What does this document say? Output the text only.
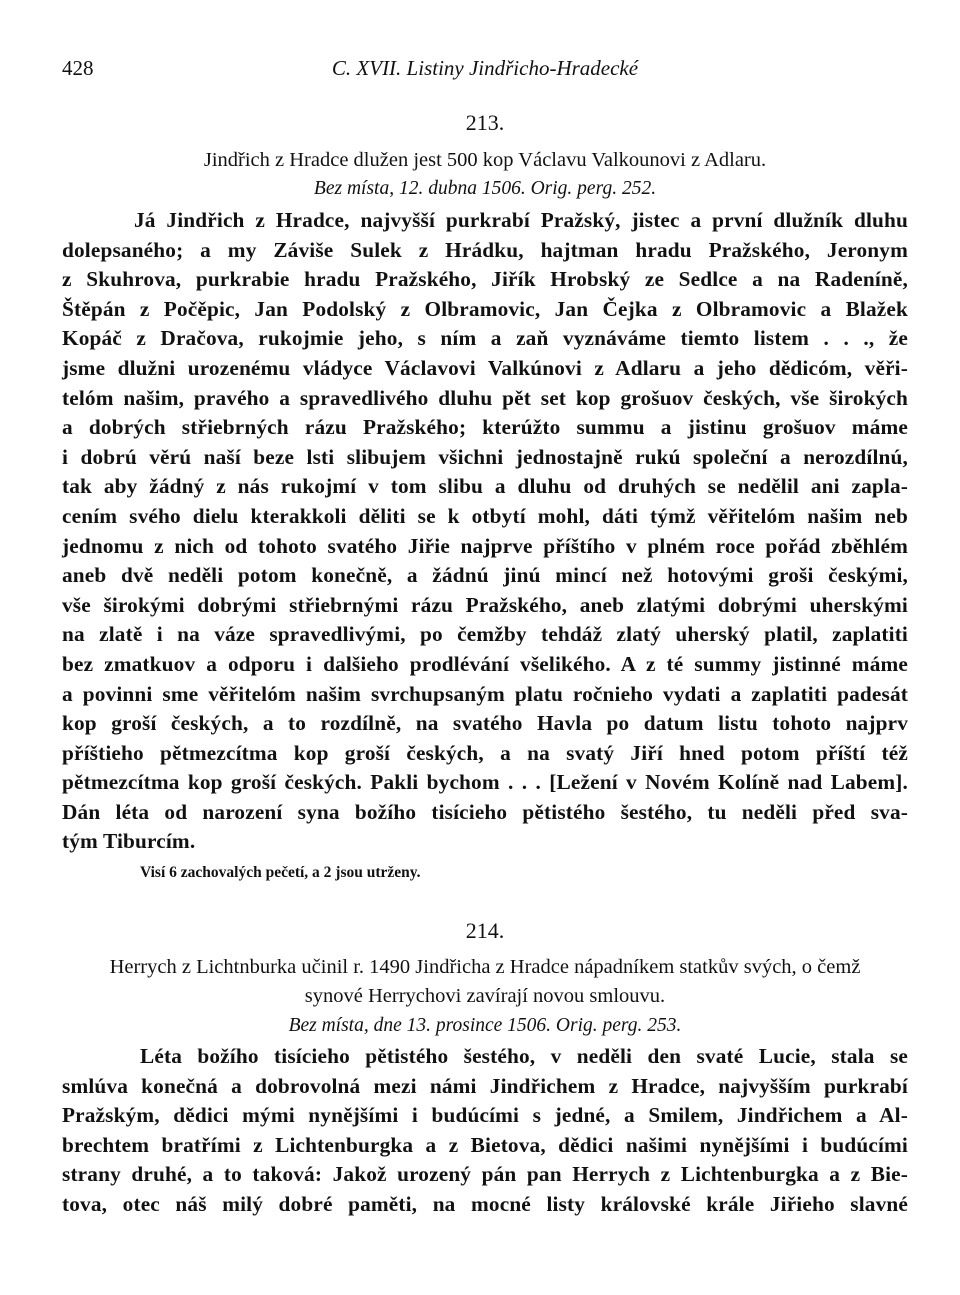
428	C. XVII. Listiny Jindřicho-Hradecké
213.
Jindřich z Hradce dlužen jest 500 kop Václavu Valkounovi z Adlaru.
Bez místa, 12. dubna 1506. Orig. perg. 252.
Já Jindřich z Hradce, najvyšší purkrabí Pražský, jistec a první dlužník dluhu
dolepsaného; a my Záviše Sulek z Hrádku, hajtman hradu Pražského, Jeronym
z Skuhrova, purkrabie hradu Pražského, Jiřík Hrobský ze Sedlce a na Radeníně,
Štěpán z Počěpic, Jan Podolský z Olbramovic, Jan Čejka z Olbramovic a Blažek
Kopáč z Dračova, rukojmie jeho, s ním a zaň vyznáváme tiemto listem . . ., že
jsme dlužni urozenému vládyce Václavovi Valkúnovi z Adlaru a jeho dědicóm, věři-
telóm našim, pravého a spravedlivého dluhu pět set kop grošuov českých, vše širokých
a dobrých střiebrných rázu Pražského; kterúžto summu a jistinu grošuov máme
i dobrú věrú naší beze lsti slibujem všichni jednostajně rukú společní a nerozdílnú,
tak aby žádný z nás rukojmí v tom slibu a dluhu od druhých se nedělil ani zapla-
cením svého dielu kterakkoli děliti se k otbytí mohl, dáti týmž věřitelóm našim neb
jednomu z nich od tohoto svatého Jiřie najprve příštího v plném roce pořád zběhlém
aneb dvě neděli potom konečně, a žádnú jinú mincí než hotovými groši českými,
vše širokými dobrými střiebrnými rázu Pražského, aneb zlatými dobrými uherskými
na zlatě i na váze spravedlivými, po čemžby tehdáž zlatý uherský platil, zaplatiti
bez zmatkuov a odporu i dalšieho prodlévání všelikého. A z té summy jistinné máme
a povinni sme věřitelóm našim svrchupsaným platu ročnieho vydati a zaplatiti padesát
kop groší českých, a to rozdílně, na svatého Havla po datum listu tohoto najprv
příštieho pětmezcítma kop groší českých, a na svatý Jiří hned potom příští též
pětmezcítma kop groší českých. Pakli bychom . . . [Ležení v Novém Kolíně nad Labem].
Dán léta od narození syna božího tisícieho pětistého šestého, tu neděli před sva-
tým Tiburcím.
Visí 6 zachovalých pečetí, a 2 jsou utrženy.
214.
Herrych z Lichtnburka učinil r. 1490 Jindřicha z Hradce nápadníkem statkův svých, o čemž
synové Herrychovi zavírají novou smlouvu.
Bez místa, dne 13. prosince 1506. Orig. perg. 253.
Léta božího tisícieho pětistého šestého, v neděli den svaté Lucie, stala se
smlúva konečná a dobrovolná mezi námi Jindřichem z Hradce, najvyšším purkrabí
Pražským, dědici mými nynějšími i budúcími s jedné, a Smilem, Jindřichem a Al-
brechtem bratřími z Lichtenburgka a z Bietova, dědici našimi nynějšími i budúcími
strany druhé, a to taková: Jakož urozený pán pan Herrych z Lichtenburgka a z Bie-
tova, otec náš milý dobré paměti, na mocné listy královské krále Jiřieho slavné
